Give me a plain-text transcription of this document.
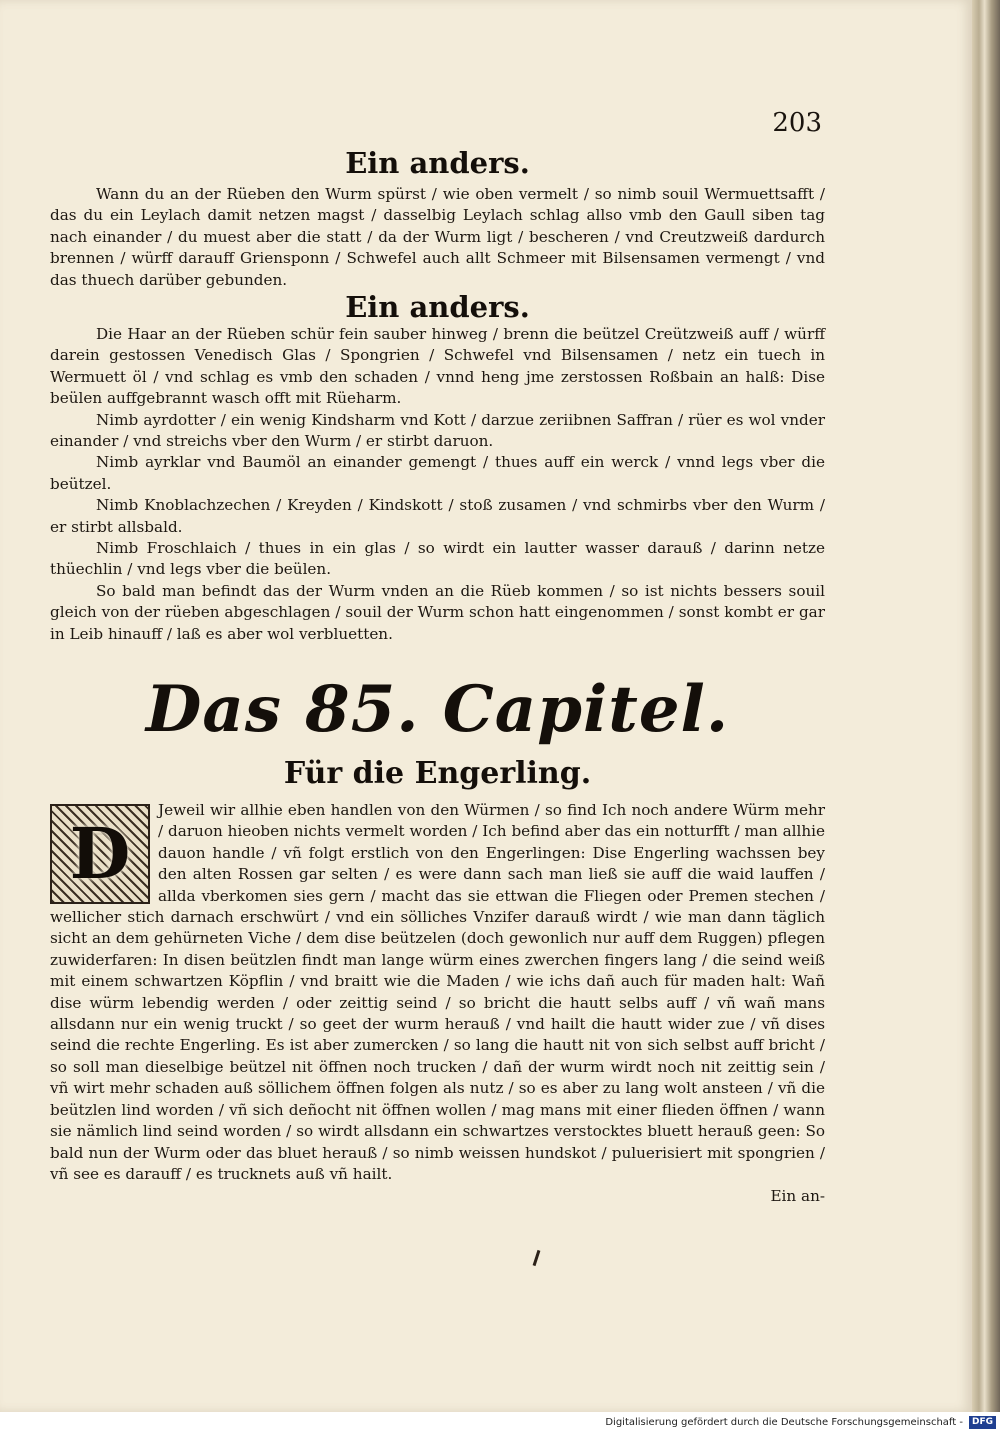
203
Ein anders.

Wann du an der Rüeben den Wurm spürst / wie oben vermelt / so nimb souil Wermuettsafft / das du ein Leylach damit netzen magst / dasselbig Leylach schlag allso vmb den Gaull siben tag nach einander / du muest aber die statt / da der Wurm ligt / bescheren / vnd Creutzweiß dardurch brennen / würff darauff Griensponn / Schwefel auch allt Schmeer mit Bilsensamen vermengt / vnd das thuech darüber gebunden.

Ein anders.

Die Haar an der Rüeben schür fein sauber hinweg / brenn die beützel Creützweiß auff / würff darein gestossen Venedisch Glas / Spongrien / Schwefel vnd Bilsensamen / netz ein tuech in Wermuett öl / vnd schlag es vmb den schaden / vnnd heng jme zerstossen Roßbain an halß: Dise beülen auffgebrannt wasch offt mit Rüeharm.

Nimb ayrdotter / ein wenig Kindsharm vnd Kott / darzue zeriibnen Saffran / rüer es wol vnder einander / vnd streichs vber den Wurm / er stirbt daruon.

Nimb ayrklar vnd Baumöl an einander gemengt / thues auff ein werck / vnnd legs vber die beützel.

Nimb Knoblachzechen / Kreyden / Kindskott / stoß zusamen / vnd schmirbs vber den Wurm / er stirbt allsbald.

Nimb Froschlaich / thues in ein glas / so wirdt ein lautter wasser darauß / darinn netze thüechlin / vnd legs vber die beülen.

So bald man befindt das der Wurm vnden an die Rüeb kommen / so ist nichts bessers souil gleich von der rüeben abgeschlagen / souil der Wurm schon hatt eingenommen / sonst kombt er gar in Leib hinauff / laß es aber wol verbluetten.

Das 85. Capitel.
Für die Engerling.
D

Jeweil wir allhie eben handlen von den Würmen / so find Ich noch andere Würm mehr / daruon hieoben nichts vermelt worden / Ich befind aber das ein notturfft / man allhie dauon handle / vñ folgt erstlich von den Engerlingen: Dise Engerling wachssen bey den alten Rossen gar selten / es were dann sach man ließ sie auff die waid lauffen / allda vberkomen sies gern / macht das sie ettwan die Fliegen oder Premen stechen / wellicher stich darnach erschwürt / vnd ein sölliches Vnzifer darauß wirdt / wie man dann täglich sicht an dem gehürneten Viche / dem dise beützelen (doch gewonlich nur auff dem Ruggen) pflegen zuwiderfaren: In disen beützlen findt man lange würm eines zwerchen fingers lang / die seind weiß mit einem schwartzen Köpflin / vnd braitt wie die Maden / wie ichs dañ auch für maden halt: Wañ dise würm lebendig werden / oder zeittig seind / so bricht die hautt selbs auff / vñ wañ mans allsdann nur ein wenig truckt / so geet der wurm herauß / vnd hailt die hautt wider zue / vñ dises seind die rechte Engerling. Es ist aber zumercken / so lang die hautt nit von sich selbst auff bricht / so soll man dieselbige beützel nit öffnen noch trucken / dañ der wurm wirdt noch nit zeittig sein / vñ wirt mehr schaden auß söllichem öffnen folgen als nutz / so es aber zu lang wolt ansteen / vñ die beützlen lind worden / vñ sich deñocht nit öffnen wollen / mag mans mit einer flieden öffnen / wann sie nämlich lind seind worden / so wirdt allsdann ein schwartzes verstocktes bluett herauß geen: So bald nun der Wurm oder das bluet herauß / so nimb weissen hundskot / puluerisiert mit spongrien / vñ see es darauff / es trucknets auß vñ hailt.

Ein an-

Digitalisierung gefördert durch die Deutsche Forschungsgemeinschaft - DFG
